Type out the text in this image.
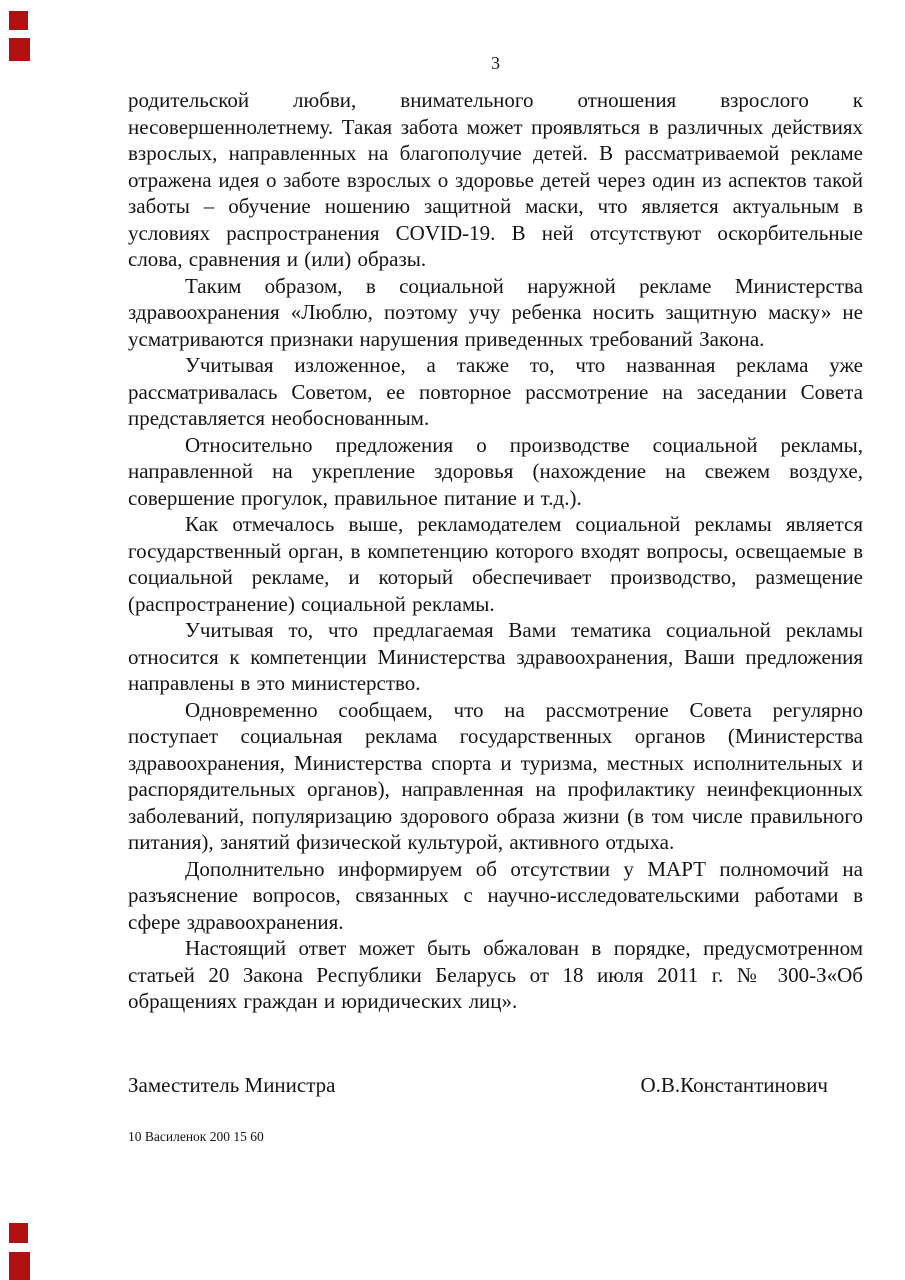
3

родительской любви, внимательного отношения взрослого к несовершеннолетнему. Такая забота может проявляться в различных действиях взрослых, направленных на благополучие детей. В рассматриваемой рекламе отражена идея о заботе взрослых о здоровье детей через один из аспектов такой заботы – обучение ношению защитной маски, что является актуальным в условиях распространения COVID-19. В ней отсутствуют оскорбительные слова, сравнения и (или) образы.

Таким образом, в социальной наружной рекламе Министерства здравоохранения «Люблю, поэтому учу ребенка носить защитную маску» не усматриваются признаки нарушения приведенных требований Закона.

Учитывая изложенное, а также то, что названная реклама уже рассматривалась Советом, ее повторное рассмотрение на заседании Совета представляется необоснованным.

Относительно предложения о производстве социальной рекламы, направленной на укрепление здоровья (нахождение на свежем воздухе, совершение прогулок, правильное питание и т.д.).

Как отмечалось выше, рекламодателем социальной рекламы является государственный орган, в компетенцию которого входят вопросы, освещаемые в социальной рекламе, и который обеспечивает производство, размещение (распространение) социальной рекламы.

Учитывая то, что предлагаемая Вами тематика социальной рекламы относится к компетенции Министерства здравоохранения, Ваши предложения направлены в это министерство.

Одновременно сообщаем, что на рассмотрение Совета регулярно поступает социальная реклама государственных органов (Министерства здравоохранения, Министерства спорта и туризма, местных исполнительных и распорядительных органов), направленная на профилактику неинфекционных заболеваний, популяризацию здорового образа жизни (в том числе правильного питания), занятий физической культурой, активного отдыха.

Дополнительно информируем об отсутствии у МАРТ полномочий на разъяснение вопросов, связанных с научно-исследовательскими работами в сфере здравоохранения.

Настоящий ответ может быть обжалован в порядке, предусмотренном статьей 20 Закона Республики Беларусь от 18 июля 2011 г. № 300-З«Об обращениях граждан и юридических лиц».

Заместитель Министра	О.В.Константинович
10 Василенок 200 15 60
